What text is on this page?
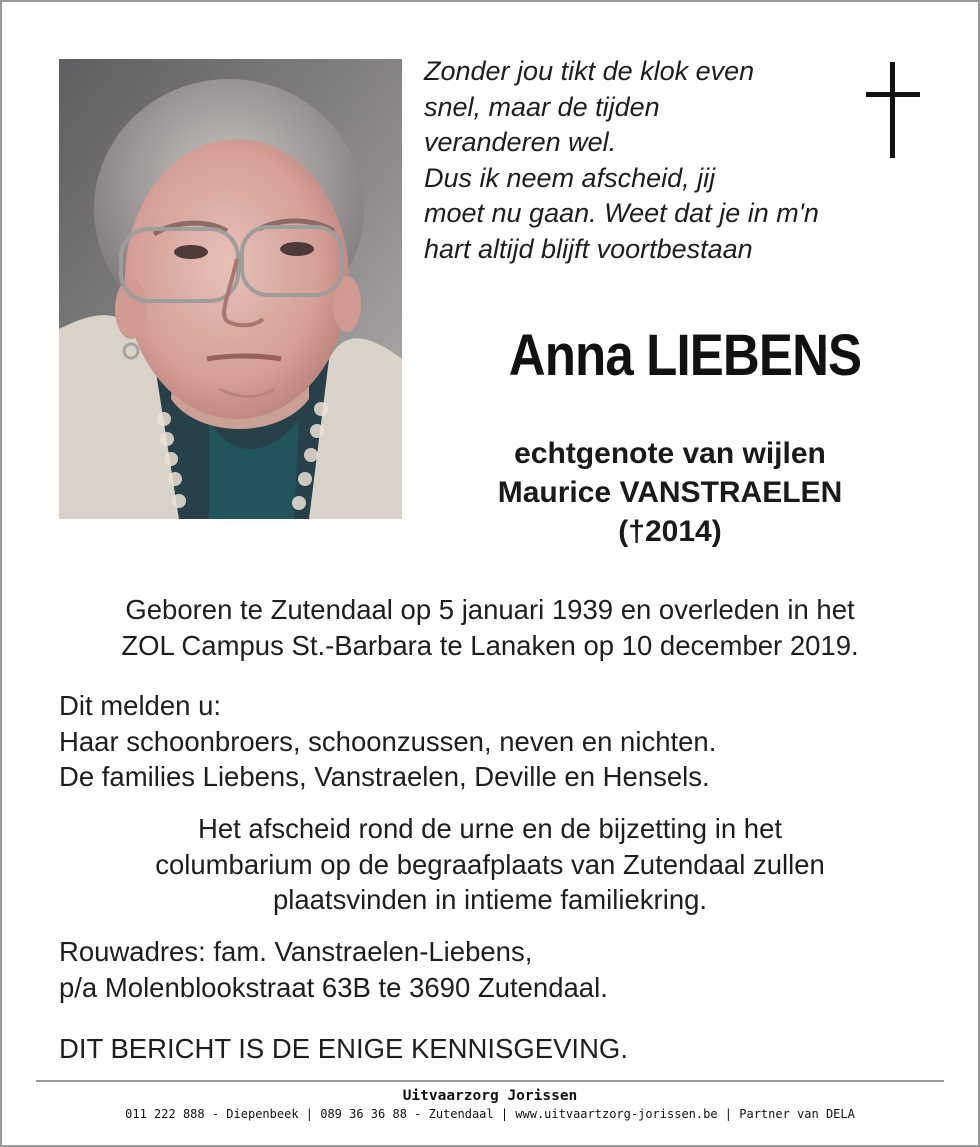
Zonder jou tikt de klok even
snel, maar de tijden
veranderen wel.
Dus ik neem afscheid, jij
moet nu gaan. Weet dat je in m'n
hart altijd blijft voortbestaan
Anna LIEBENS
echtgenote van wijlen
Maurice VANSTRAELEN
(†2014)
Geboren te Zutendaal op 5 januari 1939 en overleden in het
ZOL Campus St.-Barbara te Lanaken op 10 december 2019.
Dit melden u:
Haar schoonbroers, schoonzussen, neven en nichten.
De families Liebens, Vanstraelen, Deville en Hensels.
Het afscheid rond de urne en de bijzetting in het
columbarium op de begraafplaats van Zutendaal zullen
plaatsvinden in intieme familiekring.
Rouwadres: fam. Vanstraelen-Liebens,
p/a Molenblookstraat 63B te 3690 Zutendaal.
DIT BERICHT IS DE ENIGE KENNISGEVING.
Uitvaarzorg Jorissen
011 222 888 - Diepenbeek | 089 36 36 88 - Zutendaal | www.uitvaartzorg-jorissen.be | Partner van DELA
